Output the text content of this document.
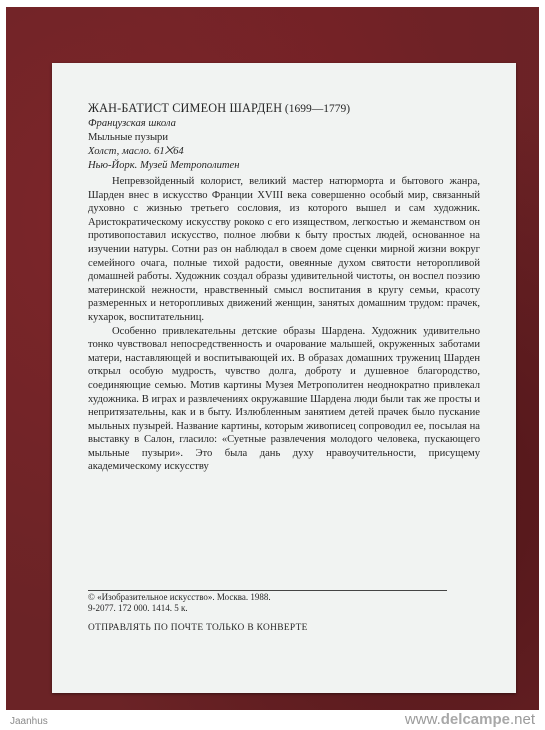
ЖАН-БАТИСТ СИМЕОН ШАРДЕН (1699—1779)
Французская школа
Мыльные пузыри
Холст, масло. 61⨉64
Нью-Йорк. Музей Метрополитен

Непревзойденный колорист, великий мастер натюрморта и бытового жанра, Шарден внес в искусство Франции XVIII века совершенно особый мир, связанный духовно с жизнью третьего сословия, из которого вышел и сам художник. Аристократическому искусству рококо с его изяществом, легкостью и жеманством он противопоставил искусство, полное любви к быту простых людей, основанное на изучении натуры. Сотни раз он наблюдал в своем доме сценки мирной жизни вокруг семейного очага, полные тихой радости, овеянные духом святости неторопливой домашней работы. Художник создал образы удивительной чистоты, он воспел поэзию материнской нежности, нравственный смысл воспитания в кругу семьи, красоту размеренных и неторопливых движений женщин, занятых домашним трудом: прачек, кухарок, воспитательниц.

Особенно привлекательны детские образы Шардена. Художник удивительно тонко чувствовал непосредственность и очарование малышей, окруженных заботами матери, наставляющей и воспитывающей их. В образах домашних тружениц Шарден открыл особую мудрость, чувство долга, доброту и душевное благородство, соединяющие семью. Мотив картины Музея Метрополитен неоднократно привлекал художника. В играх и развлечениях окружавшие Шардена люди были так же просты и непритязательны, как и в быту. Излюбленным занятием детей прачек было пускание мыльных пузырей. Название картины, которым живописец сопроводил ее, посылая на выставку в Салон, гласило: «Суетные развлечения молодого человека, пускающего мыльные пузыри». Это была дань духу нравоучительности, присущему академическому искусству

© «Изобразительное искусство». Москва. 1988.
9-2077. 172 000. 1414. 5 к.
ОТПРАВЛЯТЬ ПО ПОЧТЕ ТОЛЬКО В КОНВЕРТЕ
Jaanhus	www.delcampe.net
